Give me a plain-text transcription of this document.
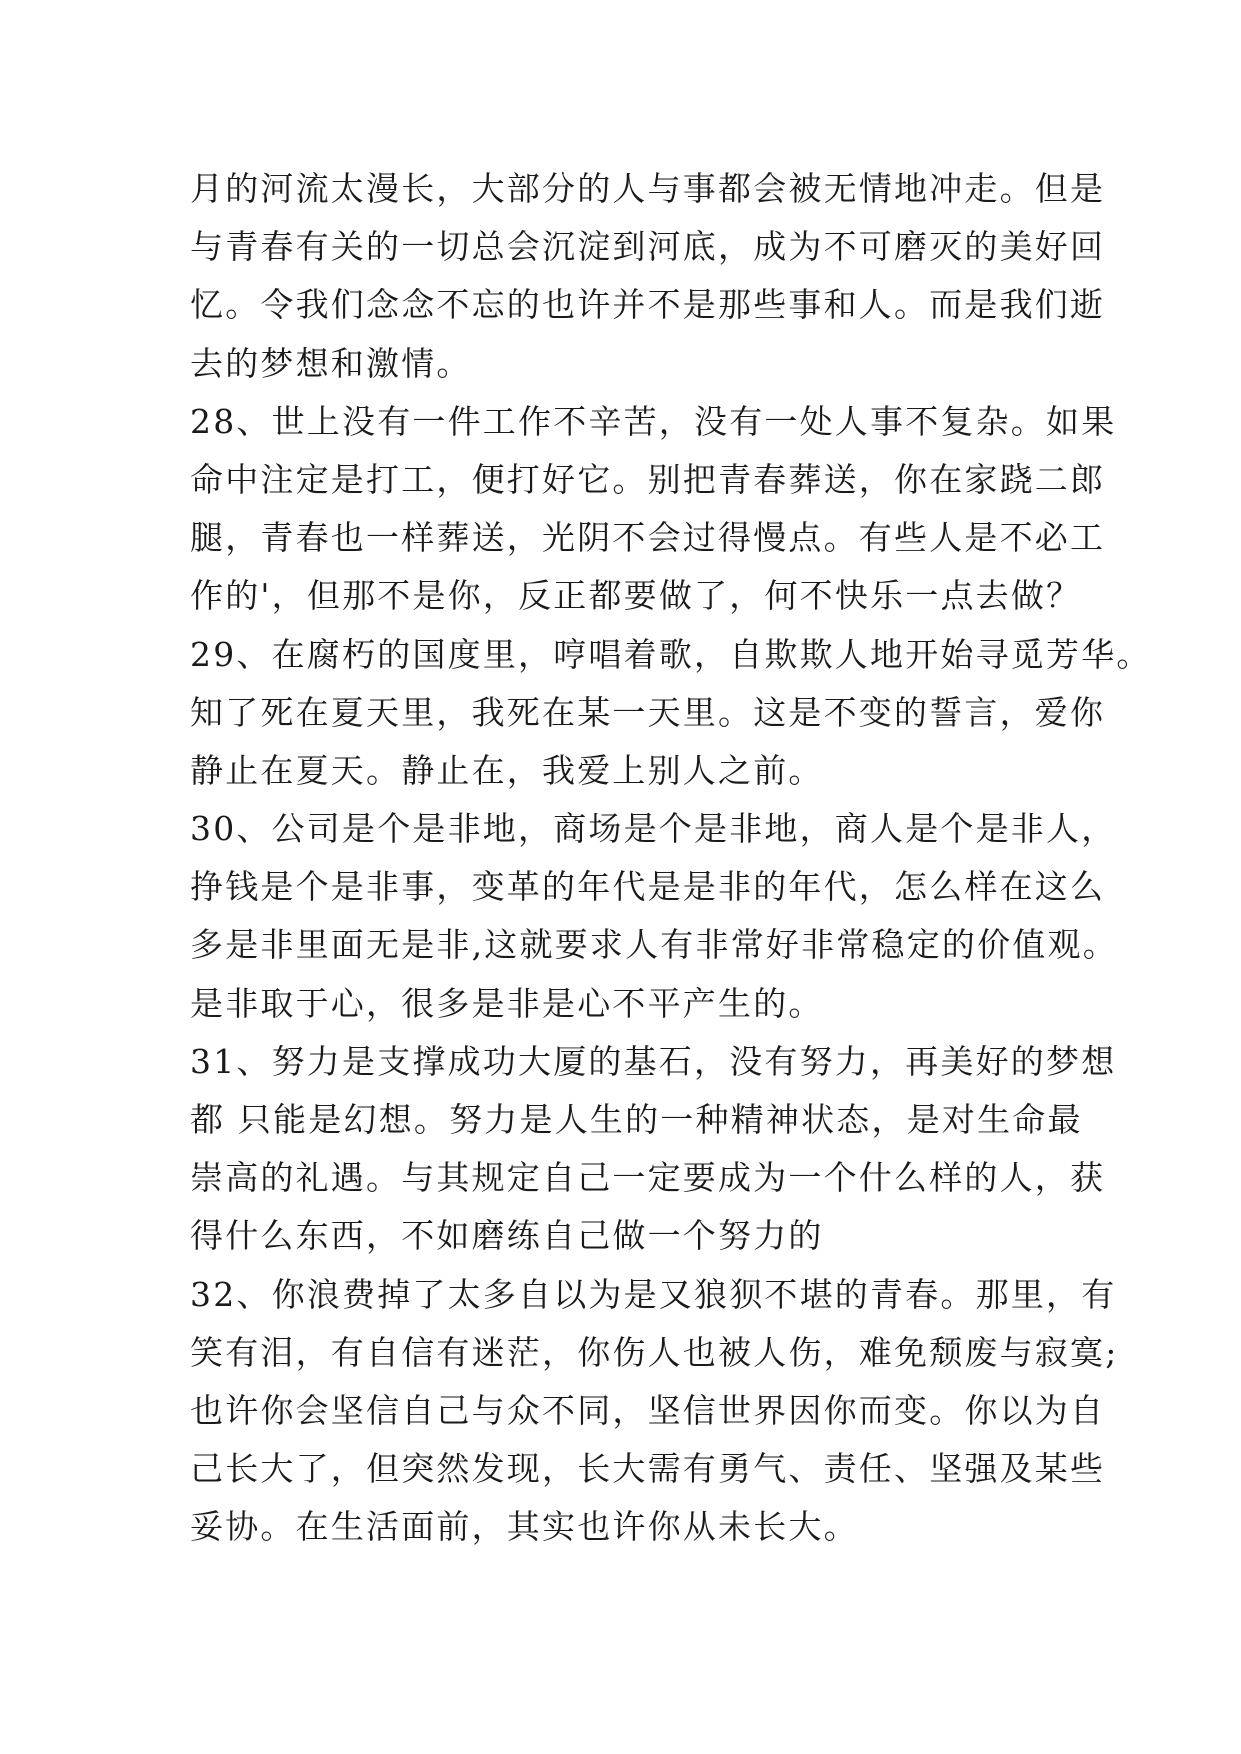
月的河流太漫长，大部分的人与事都会被无情地冲走。但是
与青春有关的一切总会沉淀到河底，成为不可磨灭的美好回
忆。令我们念念不忘的也许并不是那些事和人。而是我们逝
去的梦想和激情。
28、世上没有一件工作不辛苦，没有一处人事不复杂。如果
命中注定是打工，便打好它。别把青春葬送，你在家跷二郎
腿，青春也一样葬送，光阴不会过得慢点。有些人是不必工
作的'，但那不是你，反正都要做了，何不快乐一点去做？
29、在腐朽的国度里，哼唱着歌，自欺欺人地开始寻觅芳华。
知了死在夏天里，我死在某一天里。这是不变的誓言，爱你
静止在夏天。静止在，我爱上别人之前。
30、公司是个是非地，商场是个是非地，商人是个是非人，
挣钱是个是非事，变革的年代是是非的年代，怎么样在这么
多是非里面无是非,这就要求人有非常好非常稳定的价值观。
是非取于心，很多是非是心不平产生的。
31、努力是支撑成功大厦的基石，没有努力，再美好的梦想
都 只能是幻想。努力是人生的一种精神状态，是对生命最
崇高的礼遇。与其规定自己一定要成为一个什么样的人，获
得什么东西，不如磨练自己做一个努力的
32、你浪费掉了太多自以为是又狼狈不堪的青春。那里，有
笑有泪，有自信有迷茫，你伤人也被人伤，难免颓废与寂寞;
也许你会坚信自己与众不同，坚信世界因你而变。你以为自
己长大了，但突然发现，长大需有勇气、责任、坚强及某些
妥协。在生活面前，其实也许你从未长大。
